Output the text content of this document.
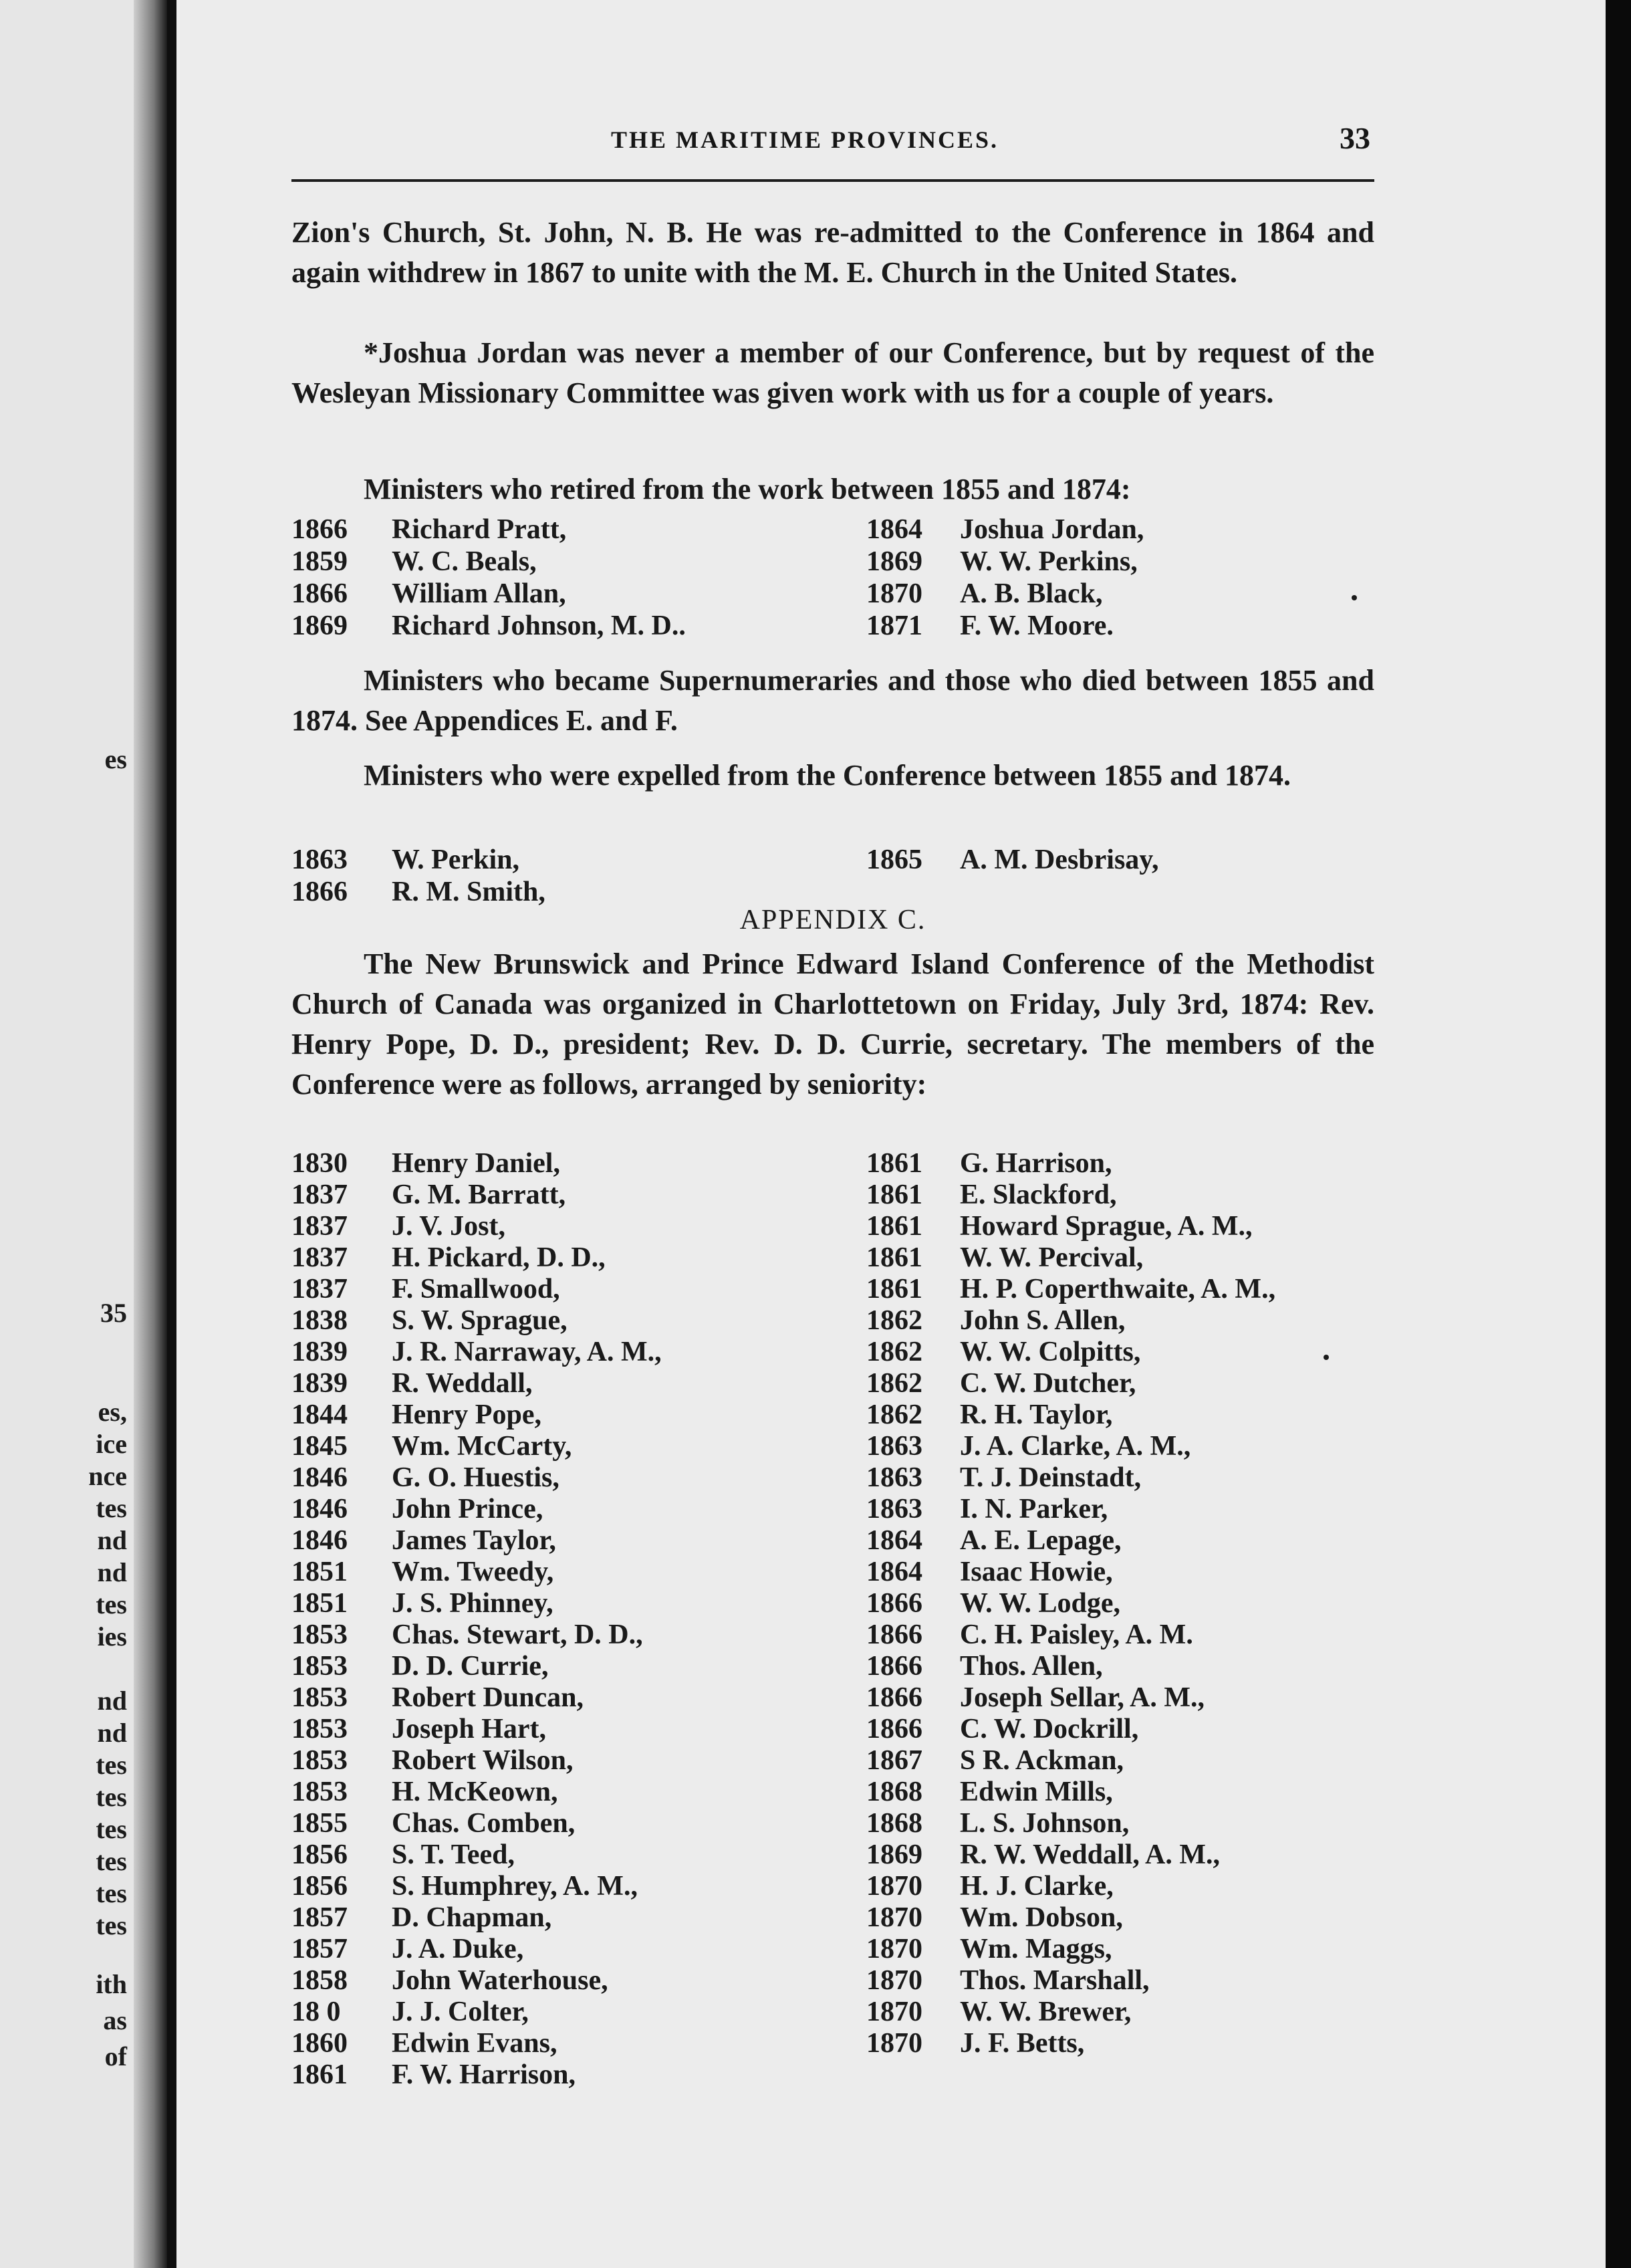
es
35
es,
ice
nce
tes
nd
nd
tes
ies
nd
nd
tes
tes
tes
tes
tes
tes
ith
as
of
THE MARITIME PROVINCES.	33

Zion's Church, St. John, N. B. He was re-admitted to the Conference in 1864 and again withdrew in 1867 to unite with the M. E. Church in the United States.

*Joshua Jordan was never a member of our Conference, but by request of the Wesleyan Missionary Committee was given work with us for a couple of years.

Ministers who retired from the work between 1855 and 1874:

1866 Richard Pratt,	1864 Joshua Jordan,
1859 W. C. Beals,	1869 W. W. Perkins,
1866 William Allan,	1870 A. B. Black,
1869 Richard Johnson, M. D..	1871 F. W. Moore.

Ministers who became Supernumeraries and those who died between 1855 and 1874. See Appendices E. and F.

Ministers who were expelled from the Conference between 1855 and 1874.

1863 W. Perkin,	1865 A. M. Desbrisay,
1866 R. M. Smith,
APPENDIX C.

The New Brunswick and Prince Edward Island Conference of the Methodist Church of Canada was organized in Charlottetown on Friday, July 3rd, 1874: Rev. Henry Pope, D. D., president; Rev. D. D. Currie, secretary. The members of the Conference were as follows, arranged by seniority:

1830 Henry Daniel,	1861 G. Harrison,
1837 G. M. Barratt,	1861 E. Slackford,
1837 J. V. Jost,	1861 Howard Sprague, A. M.,
1837 H. Pickard, D. D.,	1861 W. W. Percival,
1837 F. Smallwood,	1861 H. P. Coperthwaite, A. M.,
1838 S. W. Sprague,	1862 John S. Allen,
1839 J. R. Narraway, A. M.,	1862 W. W. Colpitts,
1839 R. Weddall,	1862 C. W. Dutcher,
1844 Henry Pope,	1862 R. H. Taylor,
1845 Wm. McCarty,	1863 J. A. Clarke, A. M.,
1846 G. O. Huestis,	1863 T. J. Deinstadt,
1846 John Prince,	1863 I. N. Parker,
1846 James Taylor,	1864 A. E. Lepage,
1851 Wm. Tweedy,	1864 Isaac Howie,
1851 J. S. Phinney,	1866 W. W. Lodge,
1853 Chas. Stewart, D. D.,	1866 C. H. Paisley, A. M.
1853 D. D. Currie,	1866 Thos. Allen,
1853 Robert Duncan,	1866 Joseph Sellar, A. M.,
1853 Joseph Hart,	1866 C. W. Dockrill,
1853 Robert Wilson,	1867 S R. Ackman,
1853 H. McKeown,	1868 Edwin Mills,
1855 Chas. Comben,	1868 L. S. Johnson,
1856 S. T. Teed,	1869 R. W. Weddall, A. M.,
1856 S. Humphrey, A. M.,	1870 H. J. Clarke,
1857 D. Chapman,	1870 Wm. Dobson,
1857 J. A. Duke,	1870 Wm. Maggs,
1858 John Waterhouse,	1870 Thos. Marshall,
18 0 J. J. Colter,	1870 W. W. Brewer,
1860 Edwin Evans,	1870 J. F. Betts,
1861 F. W. Harrison,
